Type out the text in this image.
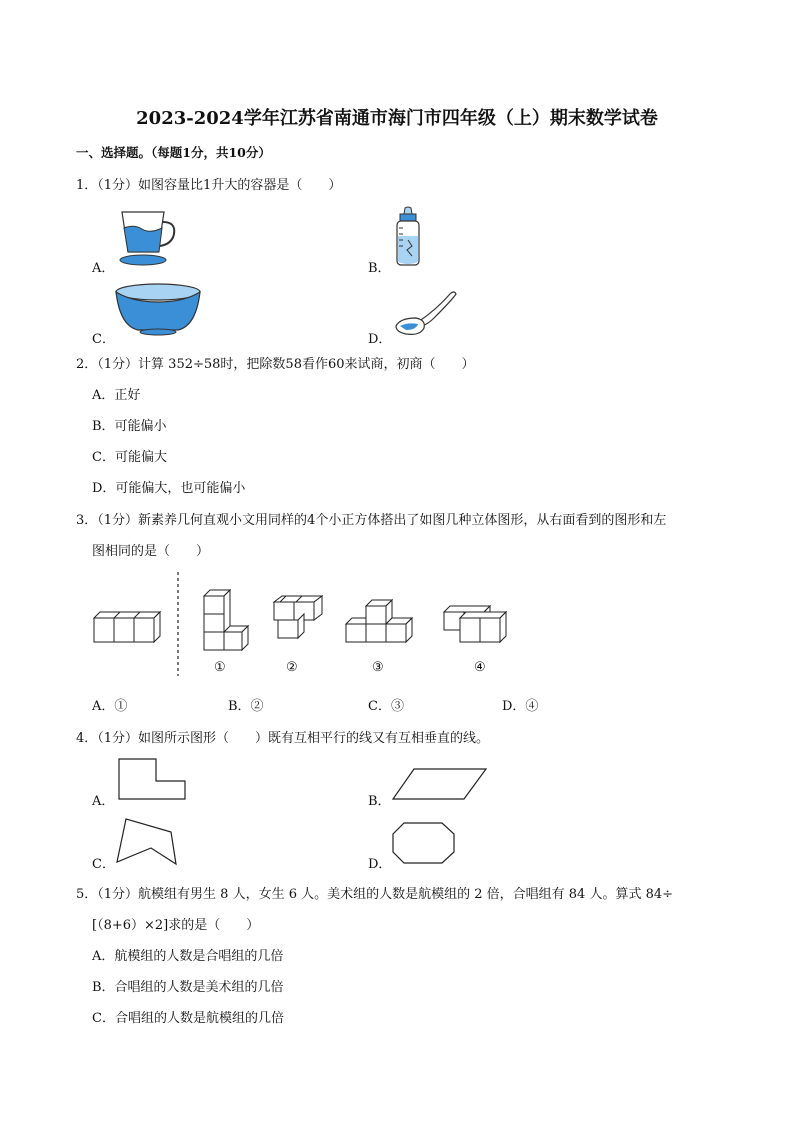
2023-2024学年江苏省南通市海门市四年级（上）期末数学试卷
一、选择题。（每题1分，共10分）
1．（1分）如图容量比1升大的容器是（　　）
A．	B．
C．	D．
2．（1分）计算 352÷58时，把除数58看作60来试商，初商（　　）
A．正好
B．可能偏小
C．可能偏大
D．可能偏大，也可能偏小
3．（1分）新素养几何直观小文用同样的4个小正方体搭出了如图几种立体图形，从右面看到的图形和左
图相同的是（　　）
①	②	③	④
A．①	B．②	C．③	D．④
4．（1分）如图所示图形（　　）既有互相平行的线又有互相垂直的线。
A．	B．
C．	D．
5．（1分）航模组有男生 8 人，女生 6 人。美术组的人数是航模组的 2 倍，合唱组有 84 人。算式 84÷
[（8+6）×2]求的是（　　）
A．航模组的人数是合唱组的几倍
B．合唱组的人数是美术组的几倍
C．合唱组的人数是航模组的几倍
